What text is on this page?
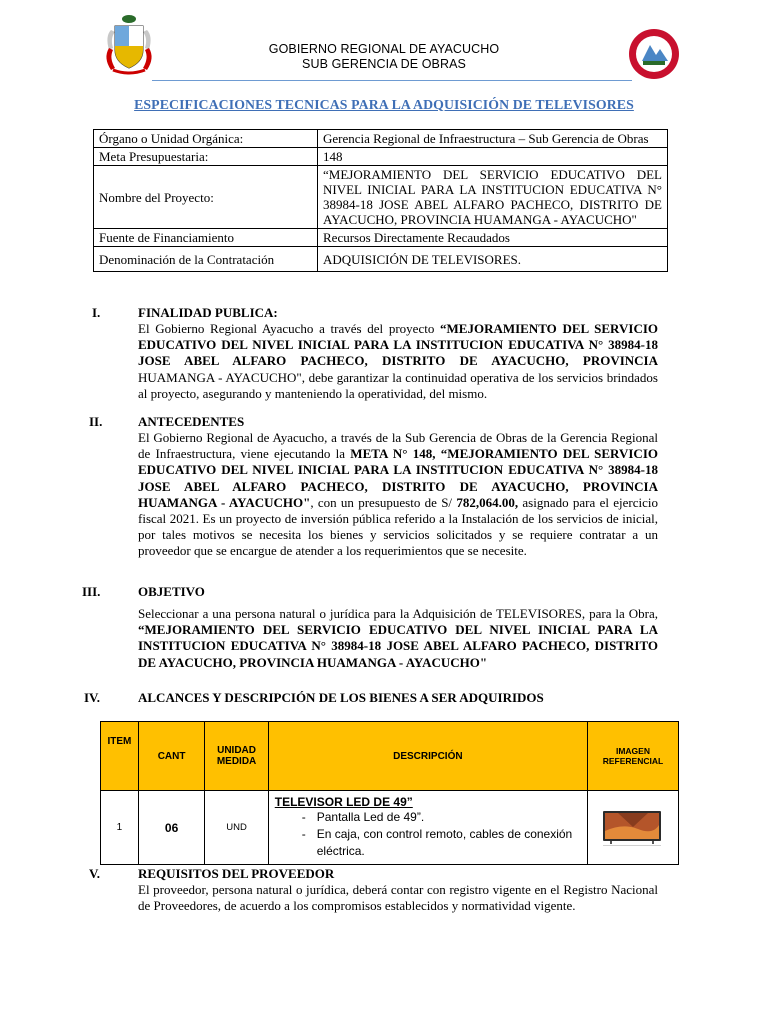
GOBIERNO REGIONAL DE AYACUCHO
SUB GERENCIA DE OBRAS
ESPECIFICACIONES TECNICAS PARA LA ADQUISICIÓN DE TELEVISORES
Órgano o Unidad Orgánica:	Gerencia Regional de Infraestructura – Sub Gerencia de Obras
Meta Presupuestaria:	148
Nombre del Proyecto:	“MEJORAMIENTO DEL SERVICIO EDUCATIVO DEL NIVEL INICIAL PARA LA INSTITUCION EDUCATIVA N° 38984-18 JOSE ABEL ALFARO PACHECO, DISTRITO DE AYACUCHO, PROVINCIA HUAMANGA - AYACUCHO"
Fuente de Financiamiento	Recursos Directamente Recaudados
Denominación de la Contratación	ADQUISICIÓN DE TELEVISORES.
I.	FINALIDAD PUBLICA:
El Gobierno Regional Ayacucho a través del proyecto “MEJORAMIENTO DEL SERVICIO EDUCATIVO DEL NIVEL INICIAL PARA LA INSTITUCION EDUCATIVA N° 38984-18 JOSE ABEL ALFARO PACHECO, DISTRITO DE AYACUCHO, PROVINCIA HUAMANGA - AYACUCHO", debe garantizar la continuidad operativa de los servicios brindados al proyecto, asegurando y manteniendo la operatividad, del mismo.
II.	ANTECEDENTES
El Gobierno Regional de Ayacucho, a través de la Sub Gerencia de Obras de la Gerencia Regional de Infraestructura, viene ejecutando la META N° 148, “MEJORAMIENTO DEL SERVICIO EDUCATIVO DEL NIVEL INICIAL PARA LA INSTITUCION EDUCATIVA N° 38984-18 JOSE ABEL ALFARO PACHECO, DISTRITO DE AYACUCHO, PROVINCIA HUAMANGA - AYACUCHO", con un presupuesto de S/ 782,064.00, asignado para el ejercicio fiscal 2021. Es un proyecto de inversión pública referido a la Instalación de los servicios de inicial, por tales motivos se necesita los bienes y servicios solicitados y se requiere contratar a un proveedor que se encargue de atender a los requerimientos que se necesite.
III.	OBJETIVO
Seleccionar a una persona natural o jurídica para la Adquisición de TELEVISORES, para la Obra, “MEJORAMIENTO DEL SERVICIO EDUCATIVO DEL NIVEL INICIAL PARA LA INSTITUCION EDUCATIVA N° 38984-18 JOSE ABEL ALFARO PACHECO, DISTRITO DE AYACUCHO, PROVINCIA HUAMANGA - AYACUCHO"
IV.	ALCANCES Y DESCRIPCIÓN DE LOS BIENES A SER ADQUIRIDOS
ITEM	CANT	UNIDAD MEDIDA	DESCRIPCIÓN	IMAGEN REFERENCIAL
1	06	UND	TELEVISOR LED DE 49”
- Pantalla Led de 49”.
- En caja, con control remoto, cables de conexión eléctrica.

V.	REQUISITOS DEL PROVEEDOR
El proveedor, persona natural o jurídica, deberá contar con registro vigente en el Registro Nacional de Proveedores, de acuerdo a los compromisos establecidos y normatividad vigente.
